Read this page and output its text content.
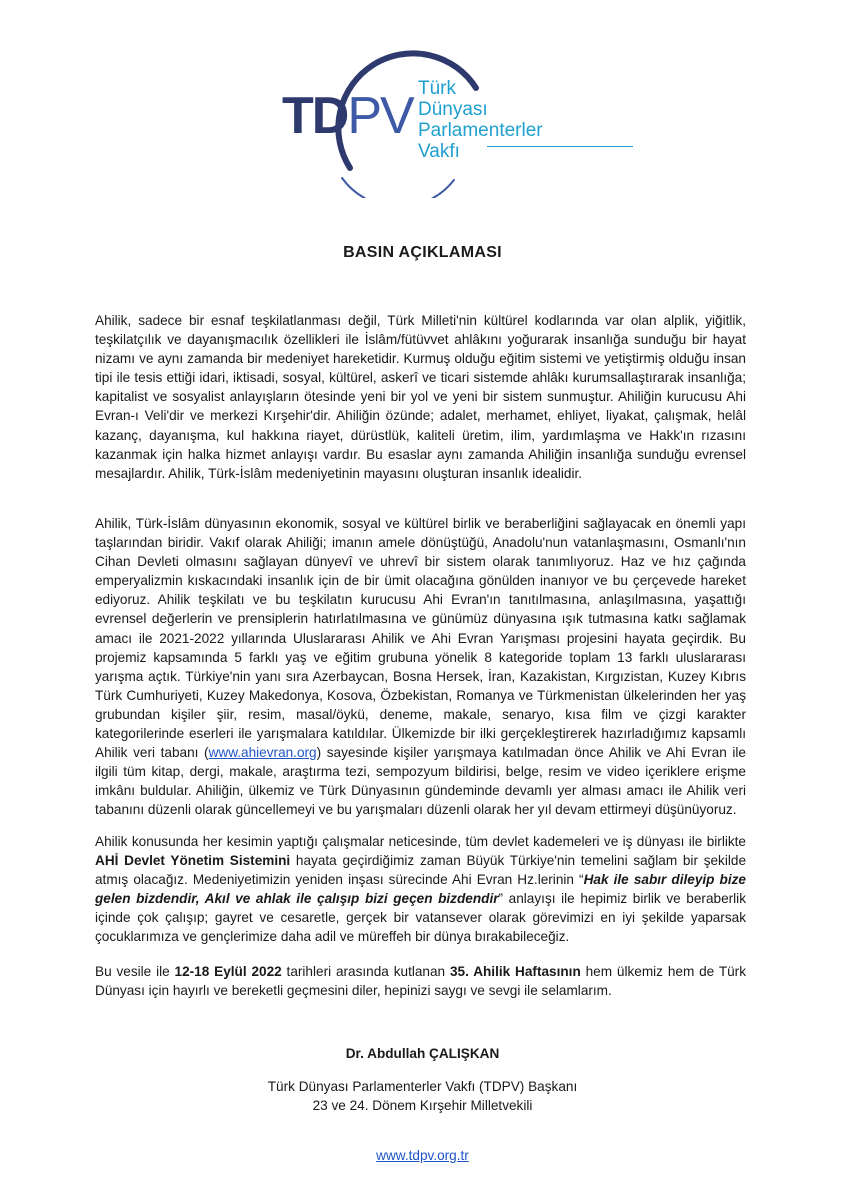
TDPV Türk
Dünyası
Parlamenterler
Vakfı
BASIN AÇIKLAMASI

Ahilik, sadece bir esnaf teşkilatlanması değil, Türk Milleti'nin kültürel kodlarında var olan alplik, yiğitlik, teşkilatçılık ve dayanışmacılık özellikleri ile İslâm/fütüvvet ahlâkını yoğurarak insanlığa sunduğu bir hayat nizamı ve aynı zamanda bir medeniyet hareketidir. Kurmuş olduğu eğitim sistemi ve yetiştirmiş olduğu insan tipi ile tesis ettiği idari, iktisadi, sosyal, kültürel, askerî ve ticari sistemde ahlâkı kurumsallaştırarak insanlığa; kapitalist ve sosyalist anlayışların ötesinde yeni bir yol ve yeni bir sistem sunmuştur. Ahiliğin kurucusu Ahi Evran-ı Veli'dir ve merkezi Kırşehir'dir. Ahiliğin özünde; adalet, merhamet, ehliyet, liyakat, çalışmak, helâl kazanç, dayanışma, kul hakkına riayet, dürüstlük, kaliteli üretim, ilim, yardımlaşma ve Hakk'ın rızasını kazanmak için halka hizmet anlayışı vardır. Bu esaslar aynı zamanda Ahiliğin insanlığa sunduğu evrensel mesajlardır. Ahilik, Türk-İslâm medeniyetinin mayasını oluşturan insanlık idealidir.

Ahilik, Türk-İslâm dünyasının ekonomik, sosyal ve kültürel birlik ve beraberliğini sağlayacak en önemli yapı taşlarından biridir. Vakıf olarak Ahiliği; imanın amele dönüştüğü, Anadolu'nun vatanlaşmasını, Osmanlı'nın Cihan Devleti olmasını sağlayan dünyevî ve uhrevî bir sistem olarak tanımlıyoruz. Haz ve hız çağında emperyalizmin kıskacındaki insanlık için de bir ümit olacağına gönülden inanıyor ve bu çerçevede hareket ediyoruz. Ahilik teşkilatı ve bu teşkilatın kurucusu Ahi Evran'ın tanıtılmasına, anlaşılmasına, yaşattığı evrensel değerlerin ve prensiplerin hatırlatılmasına ve günümüz dünyasına ışık tutmasına katkı sağlamak amacı ile 2021-2022 yıllarında Uluslararası Ahilik ve Ahi Evran Yarışması projesini hayata geçirdik. Bu projemiz kapsamında 5 farklı yaş ve eğitim grubuna yönelik 8 kategoride toplam 13 farklı uluslararası yarışma açtık. Türkiye'nin yanı sıra Azerbaycan, Bosna Hersek, İran, Kazakistan, Kırgızistan, Kuzey Kıbrıs Türk Cumhuriyeti, Kuzey Makedonya, Kosova, Özbekistan, Romanya ve Türkmenistan ülkelerinden her yaş grubundan kişiler şiir, resim, masal/öykü, deneme, makale, senaryo, kısa film ve çizgi karakter kategorilerinde eserleri ile yarışmalara katıldılar. Ülkemizde bir ilki gerçekleştirerek hazırladığımız kapsamlı Ahilik veri tabanı (www.ahievran.org) sayesinde kişiler yarışmaya katılmadan önce Ahilik ve Ahi Evran ile ilgili tüm kitap, dergi, makale, araştırma tezi, sempozyum bildirisi, belge, resim ve video içeriklere erişme imkânı buldular. Ahiliğin, ülkemiz ve Türk Dünyasının gündeminde devamlı yer alması amacı ile Ahilik veri tabanını düzenli olarak güncellemeyi ve bu yarışmaları düzenli olarak her yıl devam ettirmeyi düşünüyoruz.

Ahilik konusunda her kesimin yaptığı çalışmalar neticesinde, tüm devlet kademeleri ve iş dünyası ile birlikte AHİ Devlet Yönetim Sistemini hayata geçirdiğimiz zaman Büyük Türkiye'nin temelini sağlam bir şekilde atmış olacağız. Medeniyetimizin yeniden inşası sürecinde Ahi Evran Hz.lerinin “Hak ile sabır dileyip bize gelen bizdendir, Akıl ve ahlak ile çalışıp bizi geçen bizdendir” anlayışı ile hepimiz birlik ve beraberlik içinde çok çalışıp; gayret ve cesaretle, gerçek bir vatansever olarak görevimizi en iyi şekilde yaparsak çocuklarımıza ve gençlerimize daha adil ve müreffeh bir dünya bırakabileceğiz.

Bu vesile ile 12-18 Eylül 2022 tarihleri arasında kutlanan 35. Ahilik Haftasının hem ülkemiz hem de Türk Dünyası için hayırlı ve bereketli geçmesini diler, hepinizi saygı ve sevgi ile selamlarım.

Dr. Abdullah ÇALIŞKAN
Türk Dünyası Parlamenterler Vakfı (TDPV) Başkanı
23 ve 24. Dönem Kırşehir Milletvekili
www.tdpv.org.tr
